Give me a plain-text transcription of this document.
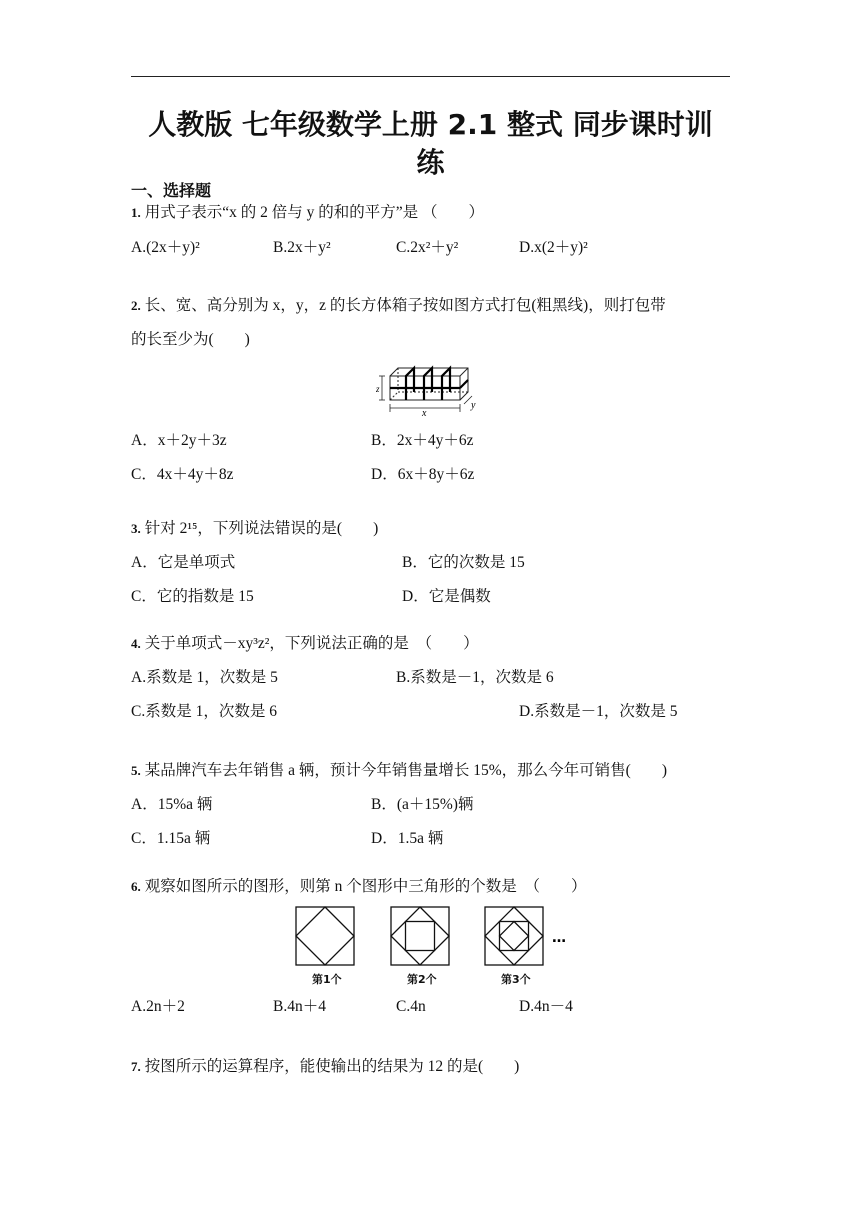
人教版 七年级数学上册 2.1 整式 同步课时训
练
一、选择题
1. 用式子表示“x 的 2 倍与 y 的和的平方”是 （　　）
A.(2x＋y)²	B.2x＋y²	C.2x²＋y²	D.x(2＋y)²
2. 长、宽、高分别为 x，y，z 的长方体箱子按如图方式打包(粗黑线)，则打包带
的长至少为(　　)
x
z
y
A．x＋2y＋3z	B．2x＋4y＋6z
C．4x＋4y＋8z	D．6x＋8y＋6z
3. 针对 2¹⁵，下列说法错误的是(　　)
A．它是单项式	B．它的次数是 15
C．它的指数是 15	D．它是偶数
4. 关于单项式－xy³z²，下列说法正确的是　（　　）
A.系数是 1，次数是 5	B.系数是－1，次数是 6
C.系数是 1，次数是 6	D.系数是－1，次数是 5
5. 某品牌汽车去年销售 a 辆，预计今年销售量增长 15%，那么今年可销售(　　)
A．15%a 辆	B．(a＋15%)辆
C．1.15a 辆	D．1.5a 辆
6. 观察如图所示的图形，则第 n 个图形中三角形的个数是　（　　）
…
第1个	第2个	第3个
A.2n＋2	B.4n＋4	C.4n	D.4n－4
7. 按图所示的运算程序，能使输出的结果为 12 的是(　　)
